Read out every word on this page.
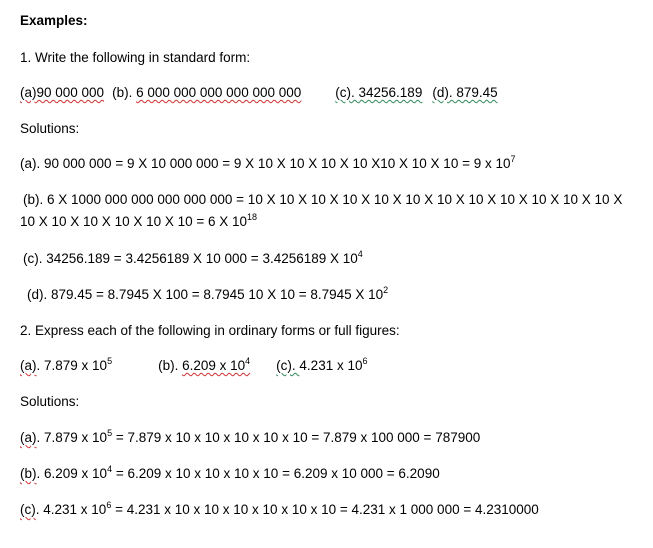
Examples:
1. Write the following in standard form:
(a)90 000 000 (b). 6 000 000 000 000 000 000	(c). 34256.189 (d). 879.45
Solutions:
(a). 90 000 000 = 9 X 10 000 000 = 9 X 10 X 10 X 10 X 10 X10 X 10 X 10 = 9 x $10^7$
(b). 6 X 1000 000 000 000 000 000 = 10 X 10 X 10 X 10 X 10 X 10 X 10 X 10 X 10 X 10 X 10 X 10 X
10 X 10 X 10 X 10 X 10 X 10 = 6 X $10^{18}$
(c). 34256.189 = 3.4256189 X 10 000 = 3.4256189 X $10^4$
(d). 879.45 = 8.7945 X 100 = 8.7945 10 X 10 = 8.7945 X $10^2$
2. Express each of the following in ordinary forms or full figures:
(a). 7.879 x $10^5$	(b). 6.209 x $10^4$ (c). 4.231 x $10^6$
Solutions:
(a). 7.879 x $10^5 = 7.879$ x 10 x 10 x 10 x 10 x 10 = 7.879 x 100 000 = 787900
(b). 6.209 x $10^4 = 6.209$ x 10 x 10 x 10 x 10 = 6.209 x 10 000 = 6.2090
(c). 4.231 x $10^6 = 4.231$ x 10 x 10 x 10 x 10 x 10 x 10 = 4.231 x 1 000 000 = 4.2310000
